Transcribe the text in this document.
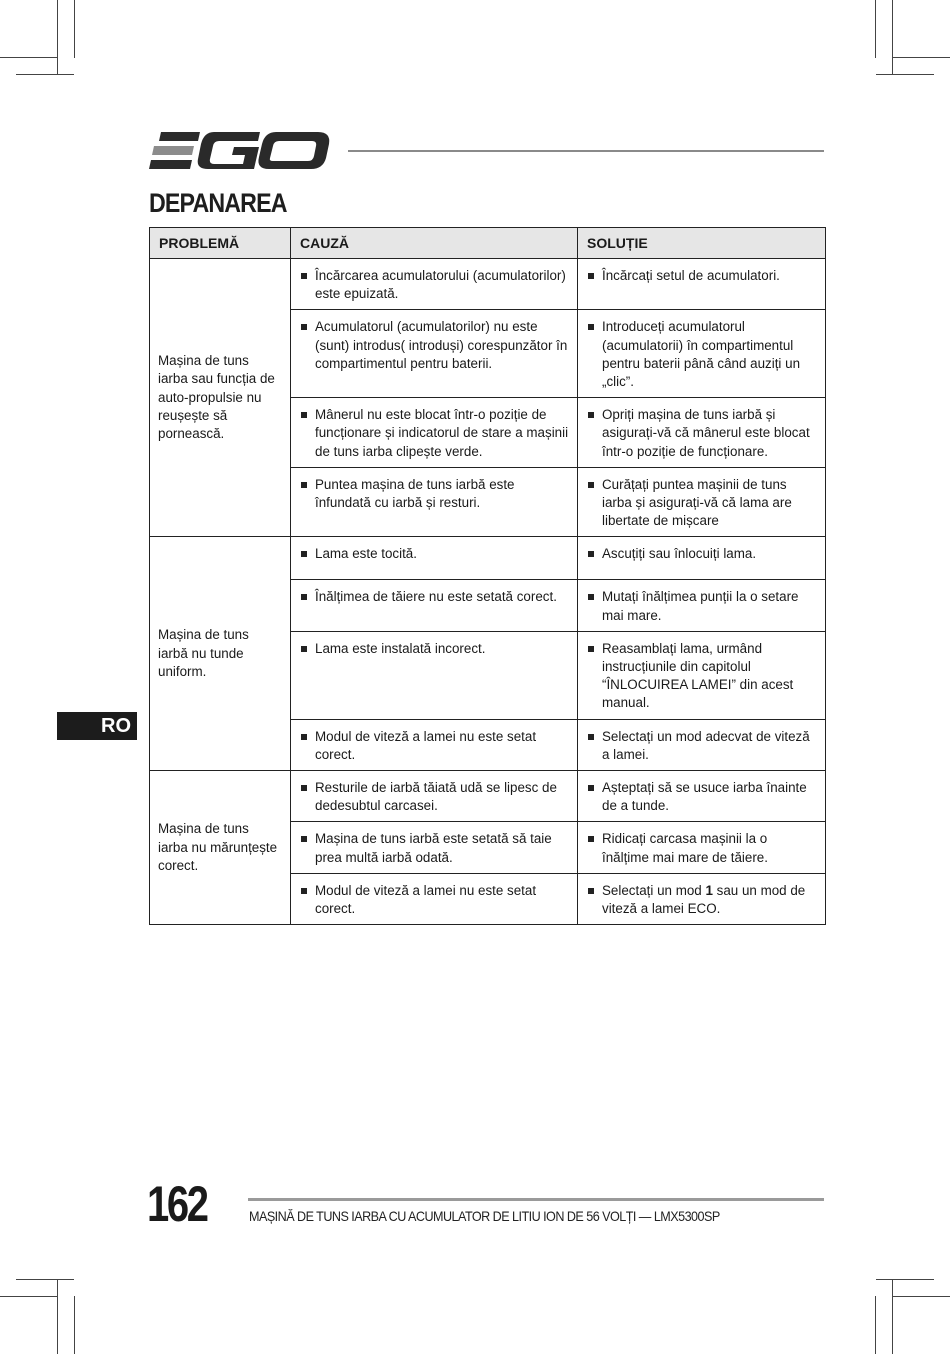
DEPANAREA
PROBLEMĂ	CAUZĂ	SOLUȚIE
Mașina de tuns iarba sau funcția de auto-propulsie nu reușește să pornească.	Încărcarea acumulatorului (acumulatorilor) este epuizată.	Încărcați setul de acumulatori.

	Acumulatorul (acumulatorilor) nu este (sunt) introdus( introduși) corespunzător în compartimentul pentru baterii.	Introduceți acumulatorul (acumulatorii) în compartimentul pentru baterii până când auziți un „clic”.

	Mânerul nu este blocat într-o poziție de funcționare și indicatorul de stare a mașinii de tuns iarba clipește verde.	Opriți mașina de tuns iarbă și asigurați-vă că mânerul este blocat într-o poziție de funcționare.

	Puntea mașina de tuns iarbă este înfundată cu iarbă și resturi.	Curățați puntea mașinii de tuns iarba și asigurați-vă că lama are libertate de mișcare

Mașina de tuns iarbă nu tunde uniform.	Lama este tocită.	Ascuțiți sau înlocuiți lama.

	Înălțimea de tăiere nu este setată corect.	Mutați înălțimea punții la o setare mai mare.

	Lama este instalată incorect.	Reasamblați lama, urmând instrucțiunile din capitolul “ÎNLOCUIREA LAMEI” din acest manual.

	Modul de viteză a lamei nu este setat corect.	Selectați un mod adecvat de viteză a lamei.

Mașina de tuns iarba nu mărunțește corect.	Resturile de iarbă tăiată udă se lipesc de dedesubtul carcasei.	Așteptați să se usuce iarba înainte de a tunde.

	Mașina de tuns iarbă este setată să taie prea multă iarbă odată.	Ridicați carcasa mașinii la o înălțime mai mare de tăiere.

	Modul de viteză a lamei nu este setat corect.	Selectați un mod 1 sau un mod de viteză a lamei ECO.
RO
162	MAȘINĂ DE TUNS IARBA CU ACUMULATOR DE LITIU ION DE 56 VOLȚI — LMX5300SP
